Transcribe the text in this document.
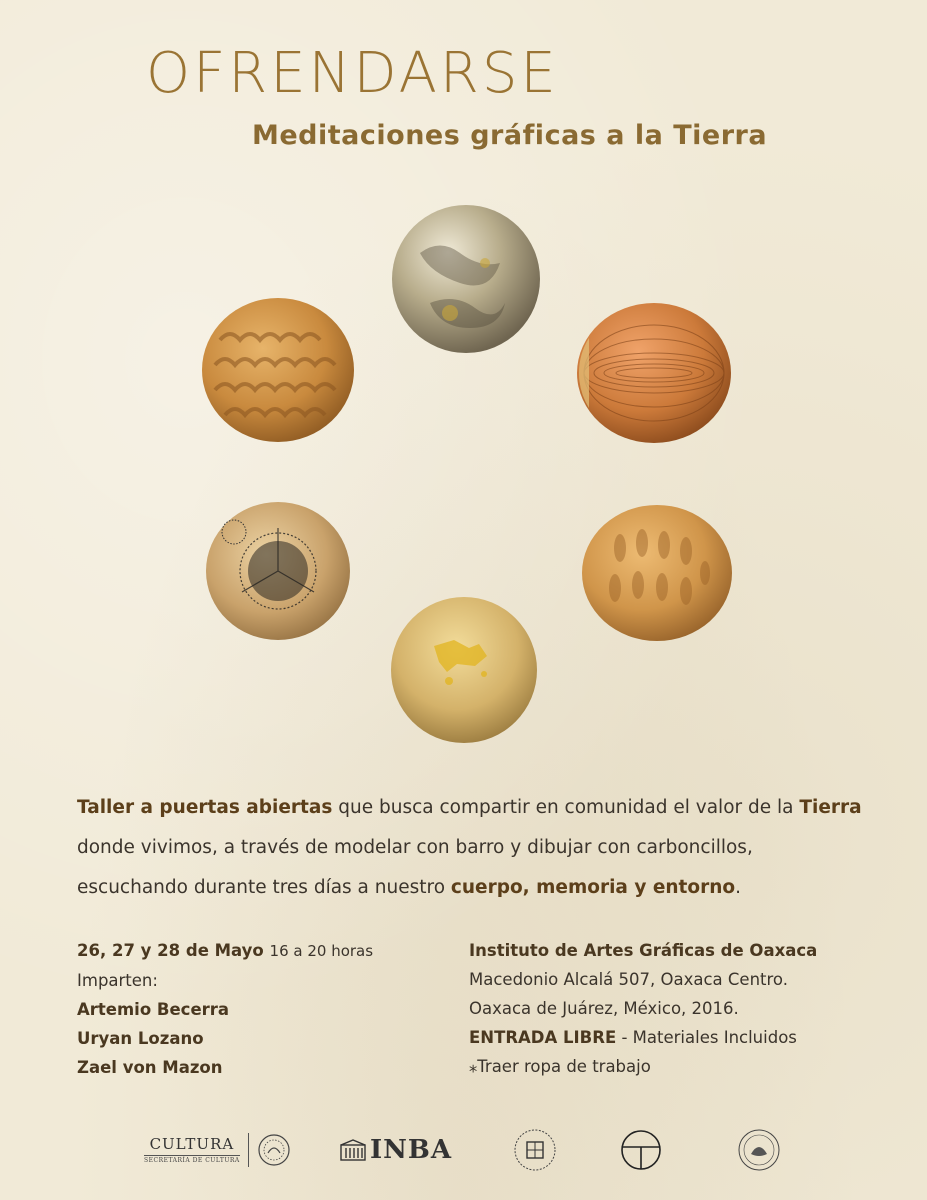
OFRENDARSE
Meditaciones gráficas a la Tierra

Taller a puertas abiertas que busca compartir en comunidad el valor de la Tierra donde vivimos, a través de modelar con barro y dibujar con carboncillos, escuchando durante tres días a nuestro cuerpo, memoria y entorno.

26, 27 y 28 de Mayo 16 a 20 horas
Imparten:
Artemio Becerra
Uryan Lozano
Zael von Mazon
Instituto de Artes Gráficas de Oaxaca
Macedonio Alcalá 507, Oaxaca Centro.
Oaxaca de Juárez, México, 2016.
ENTRADA LIBRE - Materiales Incluidos
⁎Traer ropa de trabajo
CULTURA
SECRETARÍA DE CULTURA	INBA
